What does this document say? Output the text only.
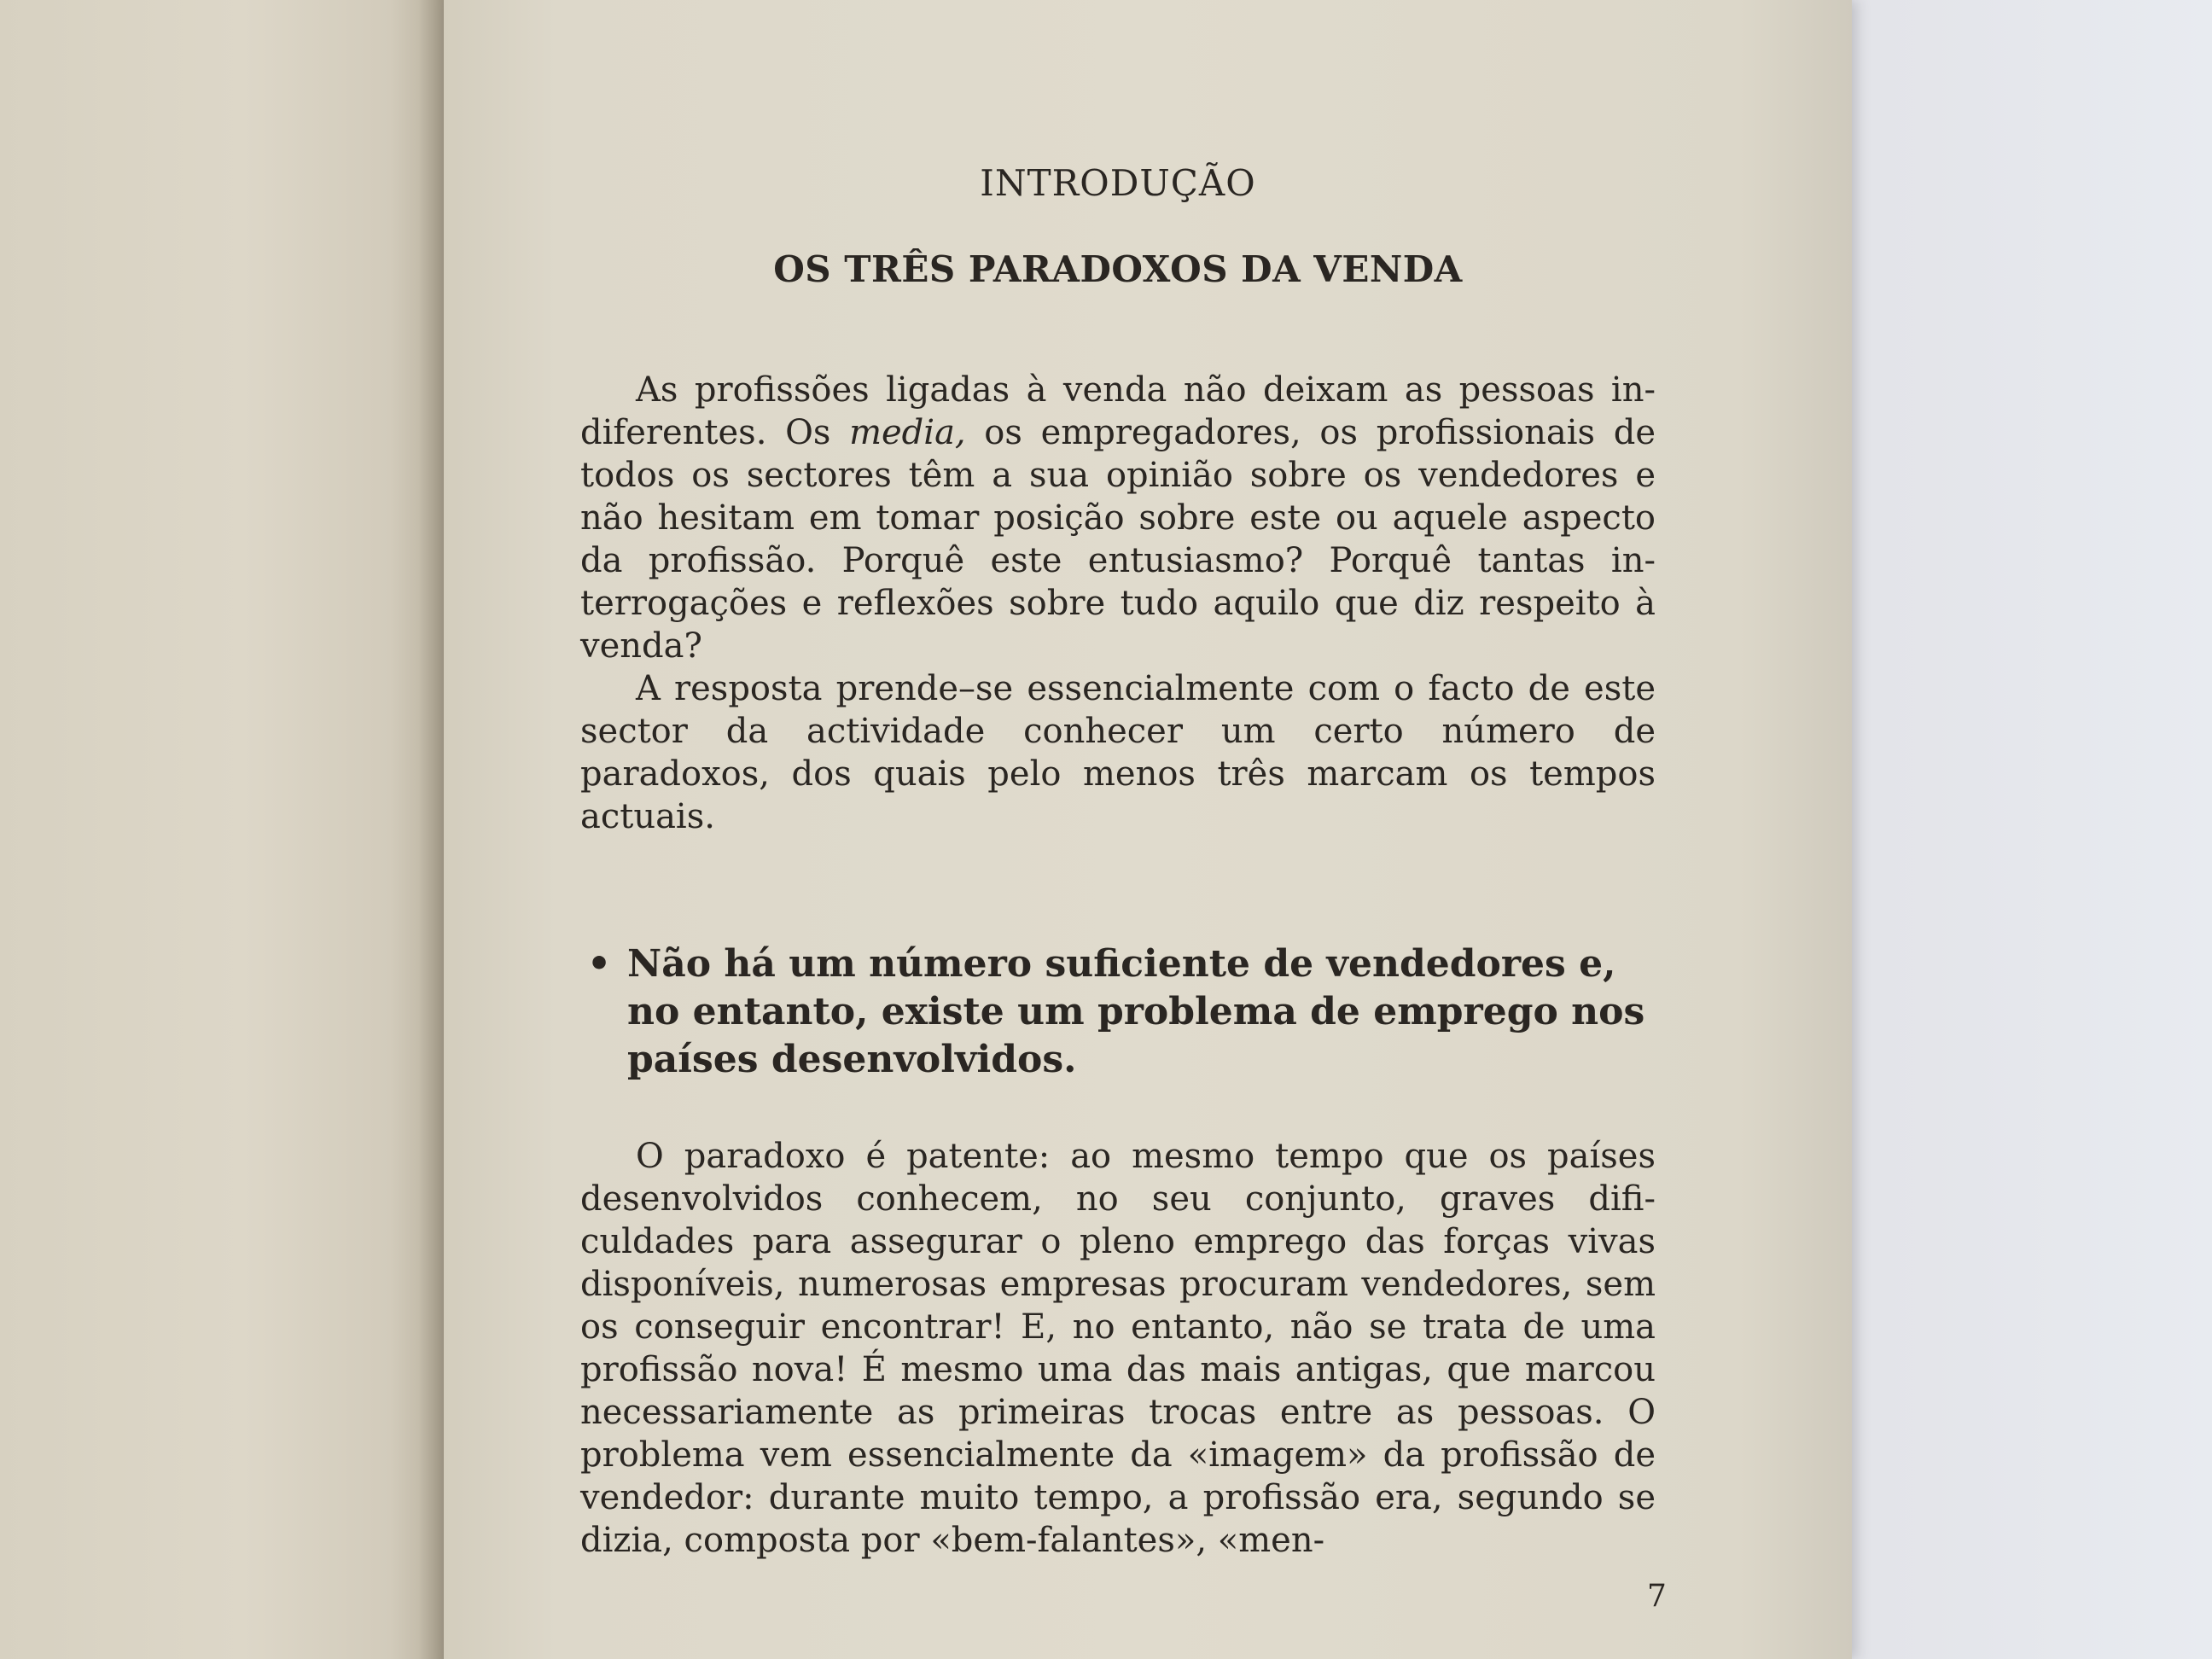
INTRODUÇÃO
OS TRÊS PARADOXOS DA VENDA

As profissões ligadas à venda não deixam as pessoas indiferentes. Os media, os empregadores, os profissionais de todos os sectores têm a sua opinião sobre os vendedores e não hesitam em tomar posição sobre este ou aquele aspecto da profissão. Porquê este entusiasmo? Porquê tantas interrogações e reflexões sobre tudo aquilo que diz respeito à venda?

A resposta prende–se essencialmente com o facto de este sector da actividade conhecer um certo número de paradoxos, dos quais pelo menos três marcam os tempos actuais.

• Não há um número suficiente de vendedores e, no entanto, existe um problema de emprego nos países desenvolvidos.

O paradoxo é patente: ao mesmo tempo que os países desenvolvidos conhecem, no seu conjunto, graves dificuldades para assegurar o pleno emprego das forças vivas disponíveis, numerosas empresas procuram vendedores, sem os conseguir encontrar! E, no entanto, não se trata de uma profissão nova! É mesmo uma das mais antigas, que marcou necessariamente as primeiras trocas entre as pessoas. O problema vem essencialmente da «imagem» da profissão de vendedor: durante muito tempo, a profissão era, segundo se dizia, composta por «bem-falantes», «men-

7
